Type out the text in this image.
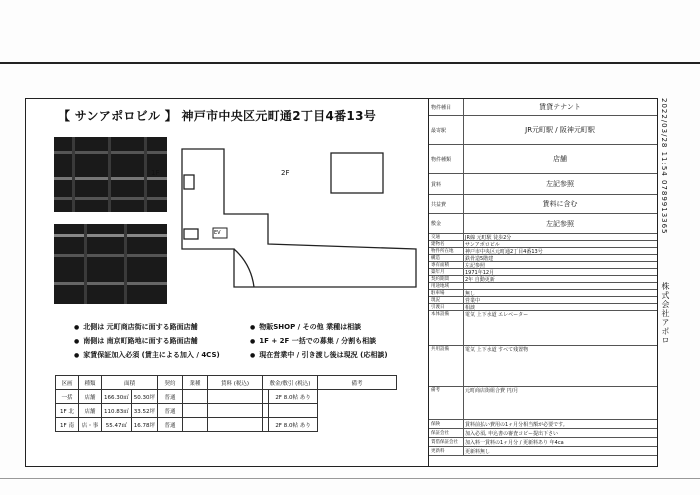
【 サンアポロビル 】 神戸市中央区元町通2丁目4番13号
1F	2F
EV
● 北側は 元町商店街に面する路面店舗	● 物販SHOP / その他 業種は相談
● 南側は 南京町路地に面する路面店舗	● 1F + 2F 一括での募集 / 分割も相談
● 家賃保証加入必須 (賃主による加入 / 4CS)	● 現在営業中 / 引き渡し後は現況 (応相談)
区画	種類	面積		契約	業種	賃料 (税込)	敷金/敷引 (税込)		備考
一括	店舗	166.30㎡	50.30坪	普通				2F 8.0帖 あり
1F 北	店舗	110.83㎡	33.52坪	普通					
1F 南	店・事	55.47㎡	16.78坪	普通				2F 8.0帖 あり	
物件種目	賃貸テナント
最寄駅	JR元町駅 / 阪神元町駅
物件種類	店舗
賃料	左記参照
共益費	賃料に含む
敷金	左記参照
交通	JR線 元町駅 徒歩2分
建物名	サンアポロビル
物件所在地	神戸市中央区元町通2丁目4番13号
構造	鉄骨造5階建
専有面積	左記参照
築年月	1971年12月
契約期間	2年 自動更新
用途地域
駐車場	無し
現況	営業中
引渡日	相談
本体設備	電気 上下水道 エレベーター
共用設備	電気 上下水道 すべて残置物
備考	元町商店街組合費 円/月
保険	賃料前払い費用の1ヶ月分相当額が必要です。
保証会社	加入必須, 申込書の審査コピー提出下さい
賃借保証会社	加入料一賃料の1ヶ月分 / 更新料あり 年4ca
更新料	更新料無し
2022/03/28 11:54 0789913365
株式会社アポロ
